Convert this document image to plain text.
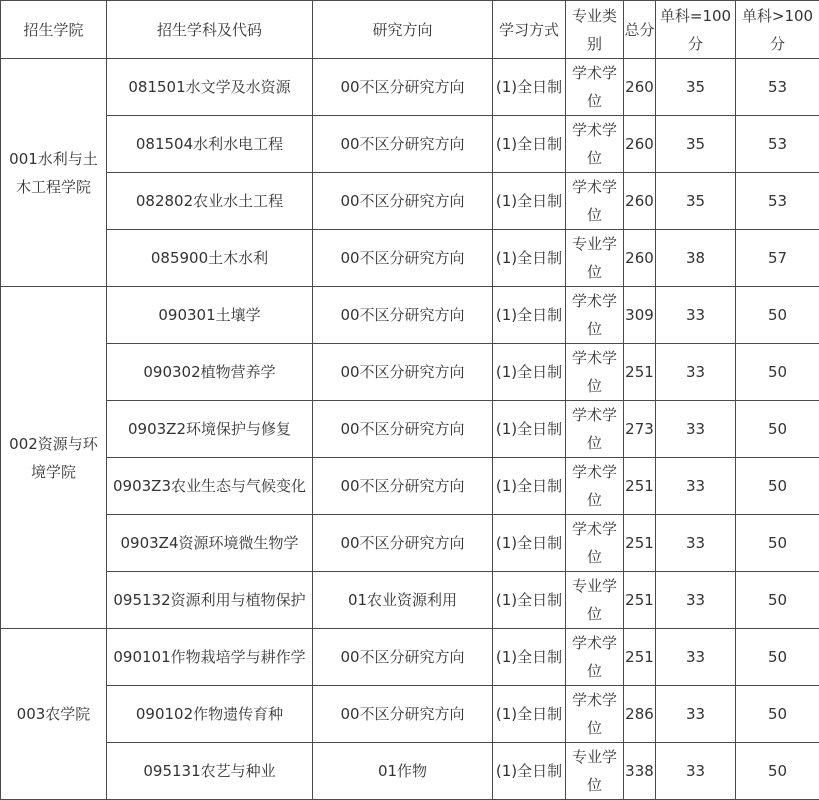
招生学院	招生学科及代码	研究方向	学习方式	专业类别	总分	单科=100分	单科>100分

001水利与土木工程学院	081501水文学及水资源	00不区分研究方向	(1)全日制	学术学位	260	35	53
	081504水利水电工程	00不区分研究方向	(1)全日制	学术学位	260	35	53
	082802农业水土工程	00不区分研究方向	(1)全日制	学术学位	260	35	53
	085900土木水利	00不区分研究方向	(1)全日制	专业学位	260	38	57
002资源与环境学院	090301土壤学	00不区分研究方向	(1)全日制	学术学位	309	33	50
	090302植物营养学	00不区分研究方向	(1)全日制	学术学位	251	33	50
	0903Z2环境保护与修复	00不区分研究方向	(1)全日制	学术学位	273	33	50
	0903Z3农业生态与气候变化	00不区分研究方向	(1)全日制	学术学位	251	33	50
	0903Z4资源环境微生物学	00不区分研究方向	(1)全日制	学术学位	251	33	50
	095132资源利用与植物保护	01农业资源利用	(1)全日制	专业学位	251	33	50
003农学院	090101作物栽培学与耕作学	00不区分研究方向	(1)全日制	学术学位	251	33	50
	090102作物遗传育种	00不区分研究方向	(1)全日制	学术学位	286	33	50
	095131农艺与种业	01作物	(1)全日制	专业学位	338	33	50
